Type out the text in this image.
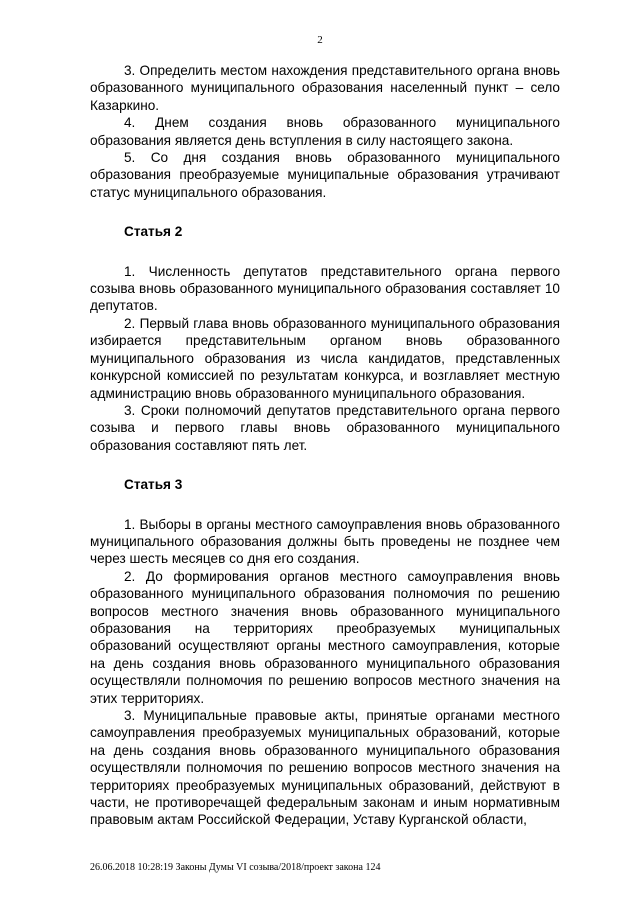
2

3. Определить местом нахождения представительного органа вновь образованного муниципального образования населенный пункт – село Казаркино.

4. Днем создания вновь образованного муниципального образования является день вступления в силу настоящего закона.

5. Со дня создания вновь образованного муниципального образования преобразуемые муниципальные образования утрачивают статус муниципального образования.

Статья 2

1. Численность депутатов представительного органа первого созыва вновь образованного муниципального образования составляет 10 депутатов.

2. Первый глава вновь образованного муниципального образования избирается представительным органом вновь образованного муниципального образования из числа кандидатов, представленных конкурсной комиссией по результатам конкурса, и возглавляет местную администрацию вновь образованного муниципального образования.

3. Сроки полномочий депутатов представительного органа первого созыва и первого главы вновь образованного муниципального образования составляют пять лет.

Статья 3

1. Выборы в органы местного самоуправления вновь образованного муниципального образования должны быть проведены не позднее чем через шесть месяцев со дня его создания.

2. До формирования органов местного самоуправления вновь образованного муниципального образования полномочия по решению вопросов местного значения вновь образованного муниципального образования на территориях преобразуемых муниципальных образований осуществляют органы местного самоуправления, которые на день создания вновь образованного муниципального образования осуществляли полномочия по решению вопросов местного значения на этих территориях.

3. Муниципальные правовые акты, принятые органами местного самоуправления преобразуемых муниципальных образований, которые на день создания вновь образованного муниципального образования осуществляли полномочия по решению вопросов местного значения на территориях преобразуемых муниципальных образований, действуют в части, не противоречащей федеральным законам и иным нормативным правовым актам Российской Федерации, Уставу Курганской области,

26.06.2018 10:28:19 Законы Думы VI созыва/2018/проект закона 124
